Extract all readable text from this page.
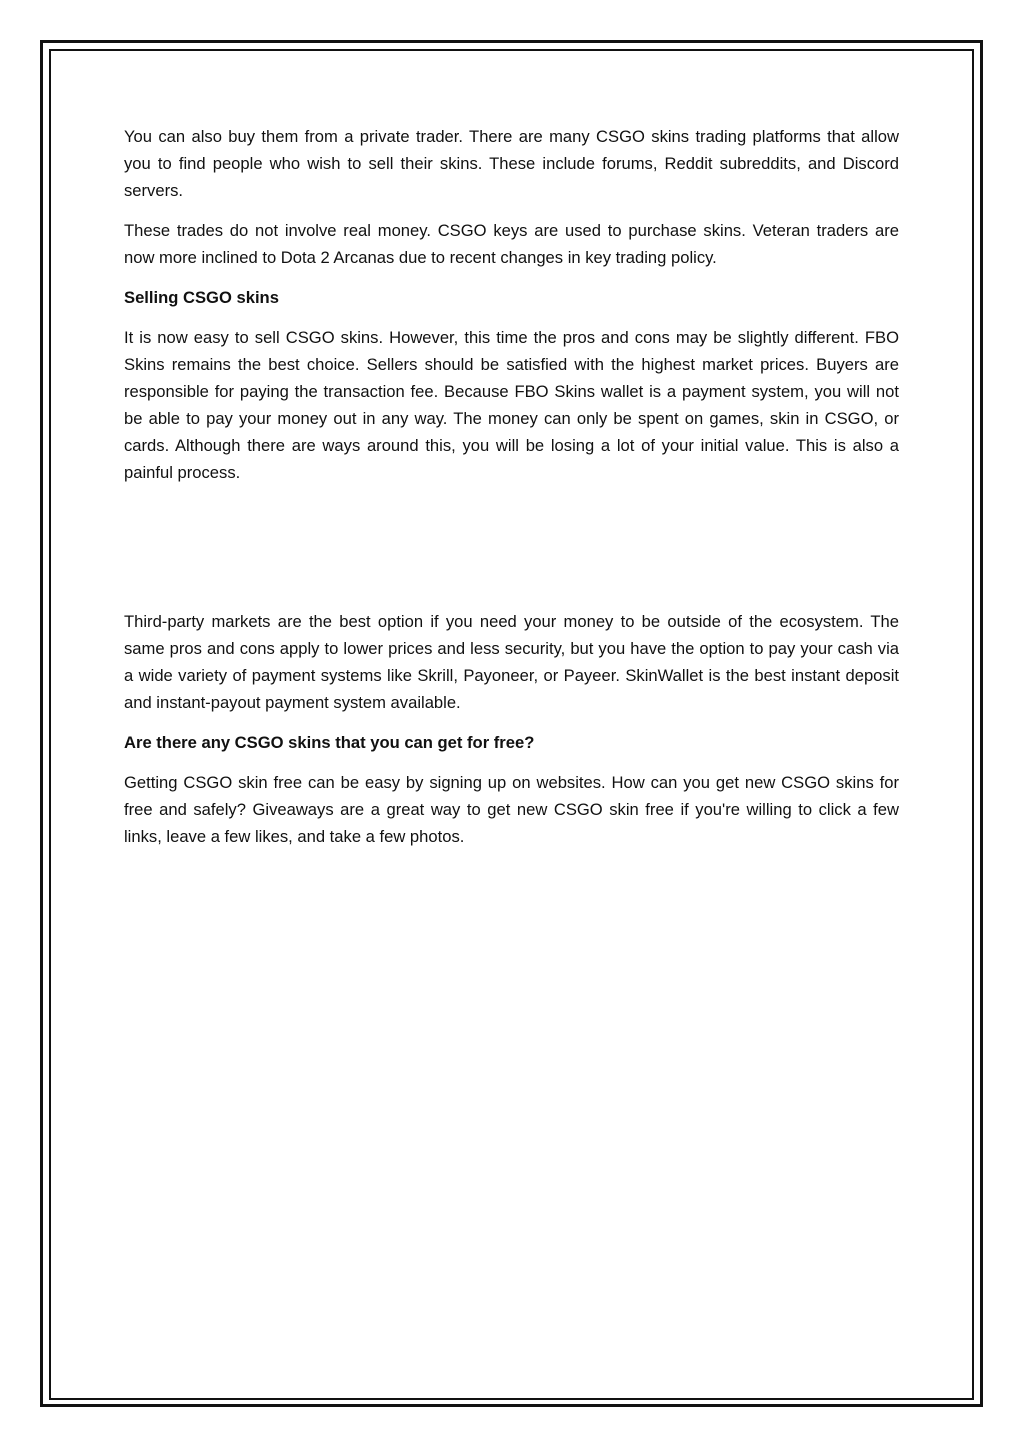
You can also buy them from a private trader. There are many CSGO skins trading platforms that allow you to find people who wish to sell their skins. These include forums, Reddit subreddits, and Discord servers.

These trades do not involve real money. CSGO keys are used to purchase skins. Veteran traders are now more inclined to Dota 2 Arcanas due to recent changes in key trading policy.

Selling CSGO skins

It is now easy to sell CSGO skins. However, this time the pros and cons may be slightly different. FBO Skins remains the best choice. Sellers should be satisfied with the highest market prices. Buyers are responsible for paying the transaction fee. Because FBO Skins wallet is a payment system, you will not be able to pay your money out in any way. The money can only be spent on games, skin in CSGO, or cards. Although there are ways around this, you will be losing a lot of your initial value. This is also a painful process.

Third-party markets are the best option if you need your money to be outside of the ecosystem. The same pros and cons apply to lower prices and less security, but you have the option to pay your cash via a wide variety of payment systems like Skrill, Payoneer, or Payeer. SkinWallet is the best instant deposit and instant-payout payment system available.

Are there any CSGO skins that you can get for free?

Getting CSGO skin free can be easy by signing up on websites. How can you get new CSGO skins for free and safely? Giveaways are a great way to get new CSGO skin free if you're willing to click a few links, leave a few likes, and take a few photos.
